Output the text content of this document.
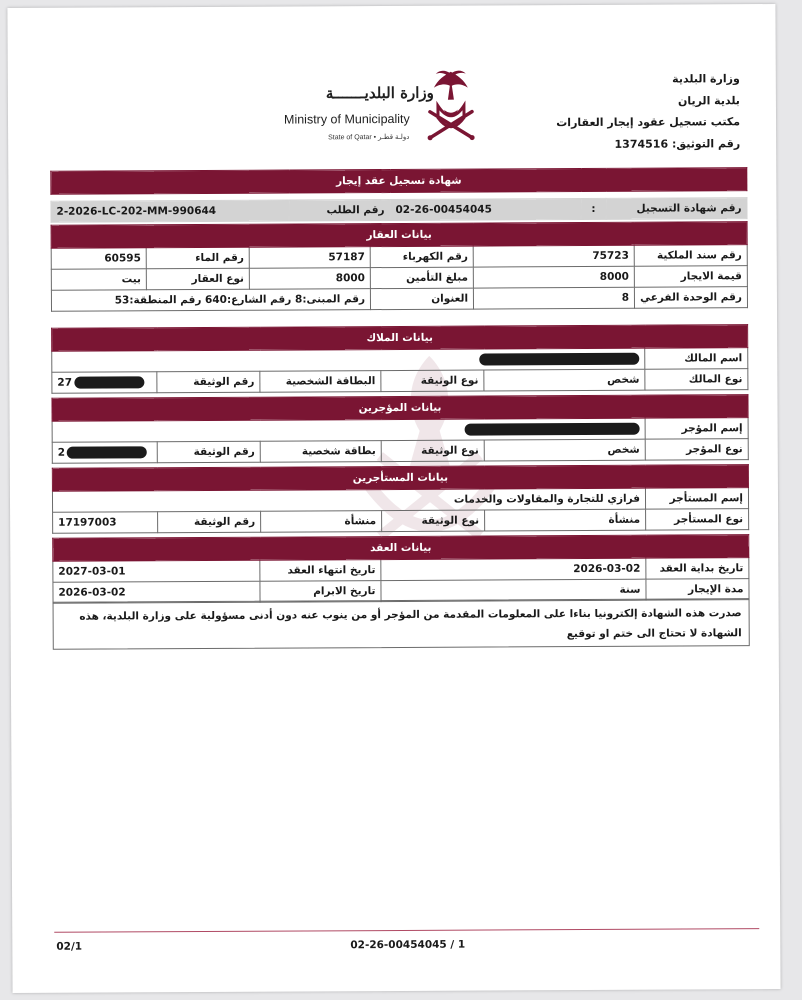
وزارة البلدية
بلدية الريان
مكتب تسجيل عقود إيجار العقارات
رقم التوثيق: 1374516
وزارة البلديـــــــة
Ministry of Municipality
State of Qatar • دولـة قطـر
شهادة تسجيل عقد إيجار

رقم شهادة التسجيل	:	02-26-00454045	رقم الطلب	2-2026-LC-202-MM-990644
بيانات العقار					
رقم سند الملكية	75723	رقم الكهرباء	57187	رقم الماء	60595
قيمة الايجار	8000	مبلغ التأمين	8000	نوع العقار	بيت
رقم الوحدة الفرعي	8	العنوان	رقم المبنى:8 رقم الشارع:640 رقم المنطقة:53		
بيانات الملاك					
اسم المالك					
نوع المالك	شخص	نوع الوثيقة	البطاقة الشخصية	رقم الوثيقة	27
بيانات المؤجرين					
إسم المؤجر					
نوع المؤجر	شخص	نوع الوثيقة	بطاقة شخصية	رقم الوثيقة	2
بيانات المستأجرين					
إسم المستأجر	فرازي للتجارة والمقاولات والخدمات				
نوع المستأجر	منشأة	نوع الوثيقة	منشأة	رقم الوثيقة	17197003
بيانات العقد			
تاريخ بداية العقد	2026-03-02	تاريخ انتهاء العقد	2027-03-01
مدة الإيجار	سنة	تاريخ الابرام	2026-03-02
صدرت هذه الشهادة إلكترونيا بناءا على المعلومات المقدمة من المؤجر أو من ينوب عنه دون أدنى مسؤولية على وزارة البلدية، هذه الشهادة لا تحتاج الى ختم او توقيع
02/1	02-26-00454045 / 1
